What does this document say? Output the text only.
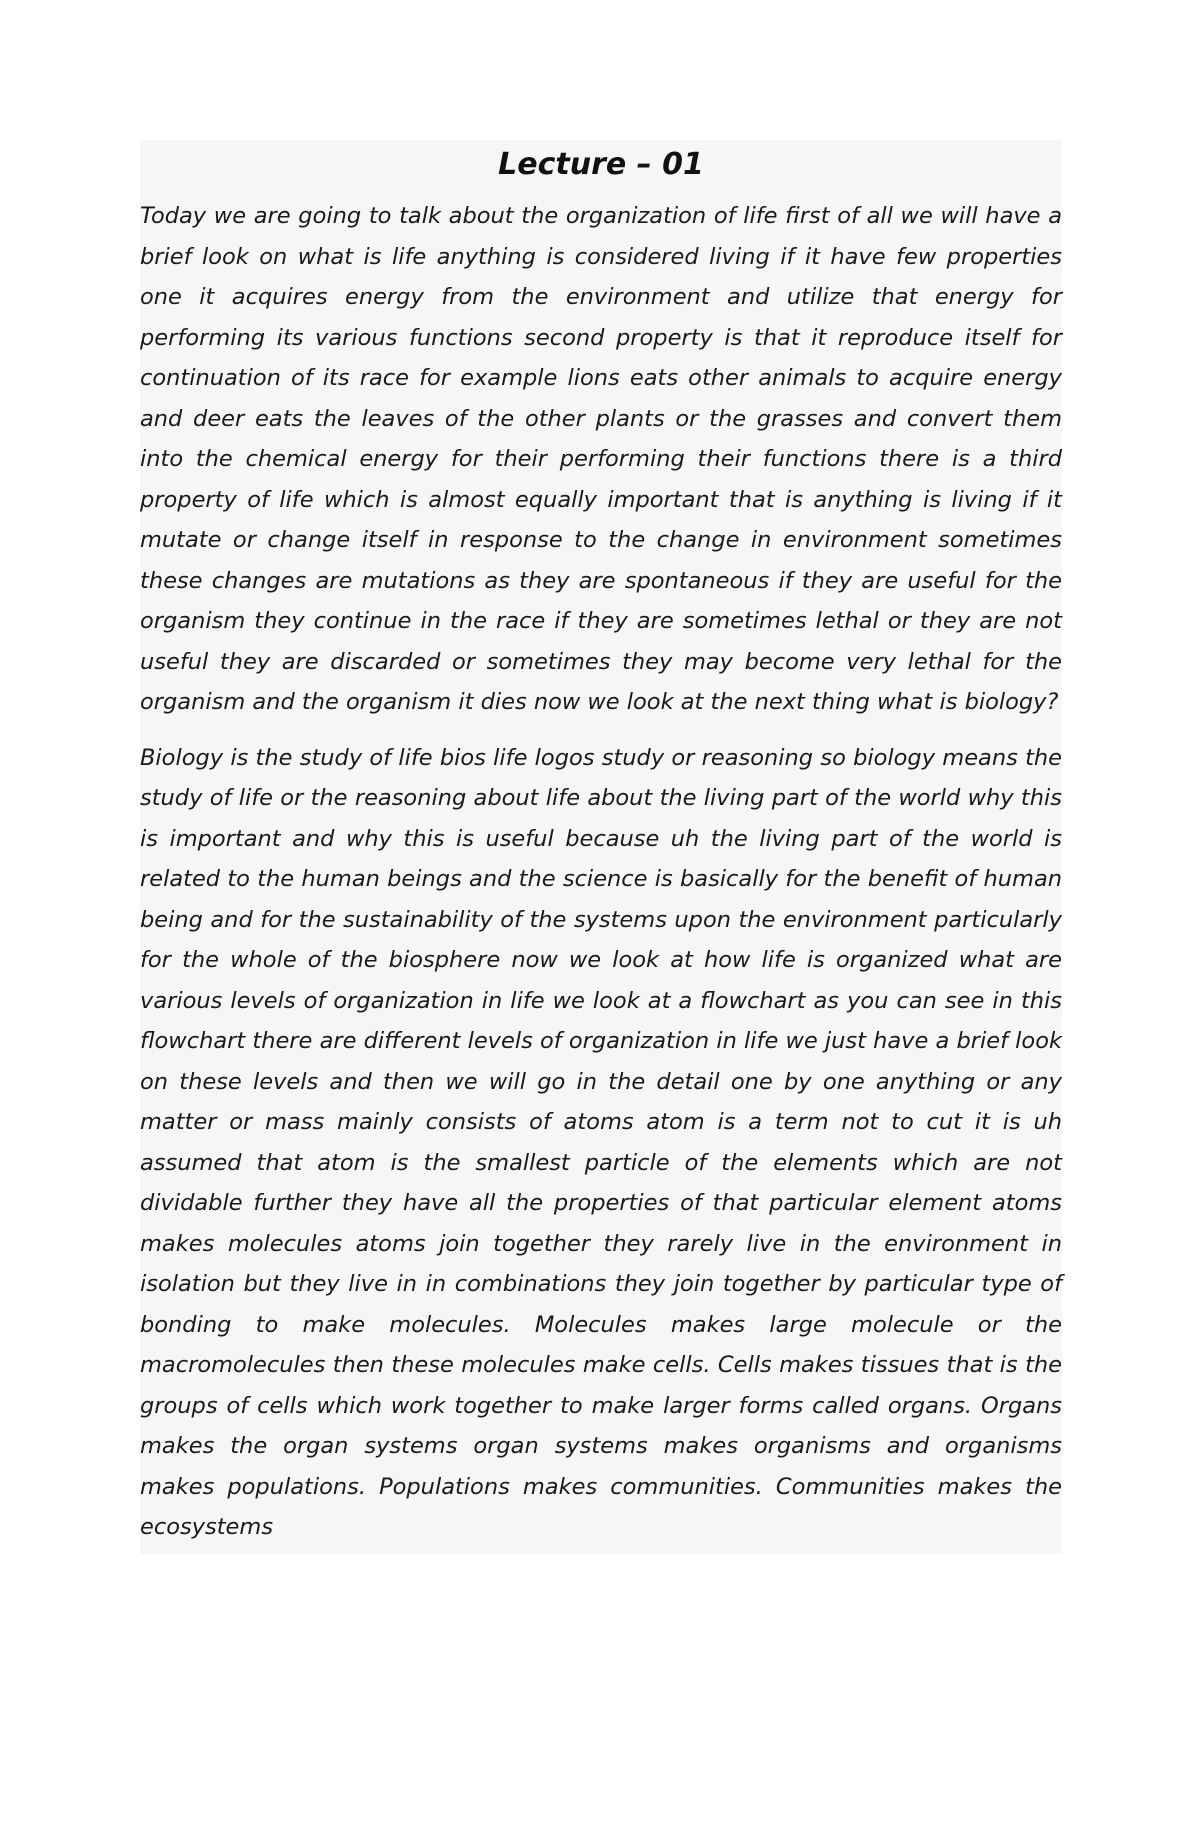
Lecture – 01

Today we are going to talk about the organization of life first of all we will have a brief look on what is life anything is considered living if it have few properties one it acquires energy from the environment and utilize that energy for performing its various functions second property is that it reproduce itself for continuation of its race for example lions eats other animals to acquire energy and deer eats the leaves of the other plants or the grasses and convert them into the chemical energy for their performing their functions there is a third property of life which is almost equally important that is anything is living if it mutate or change itself in response to the change in environment sometimes these changes are mutations as they are spontaneous if they are useful for the organism they continue in the race if they are sometimes lethal or they are not useful they are discarded or sometimes they may become very lethal for the organism and the organism it dies now we look at the next thing what is biology?

Biology is the study of life bios life logos study or reasoning so biology means the study of life or the reasoning about life about the living part of the world why this is important and why this is useful because uh the living part of the world is related to the human beings and the science is basically for the benefit of human being and for the sustainability of the systems upon the environment particularly for the whole of the biosphere now we look at how life is organized what are various levels of organization in life we look at a flowchart as you can see in this flowchart there are different levels of organization in life we just have a brief look on these levels and then we will go in the detail one by one anything or any matter or mass mainly consists of atoms atom is a term not to cut it is uh assumed that atom is the smallest particle of the elements which are not dividable further they have all the properties of that particular element atoms makes molecules atoms join together they rarely live in the environment in isolation but they live in in combinations they join together by particular type of bonding to make molecules. Molecules makes large molecule or the macromolecules then these molecules make cells. Cells makes tissues that is the groups of cells which work together to make larger forms called organs. Organs makes the organ systems organ systems makes organisms and organisms makes populations. Populations makes communities. Communities makes the ecosystems
